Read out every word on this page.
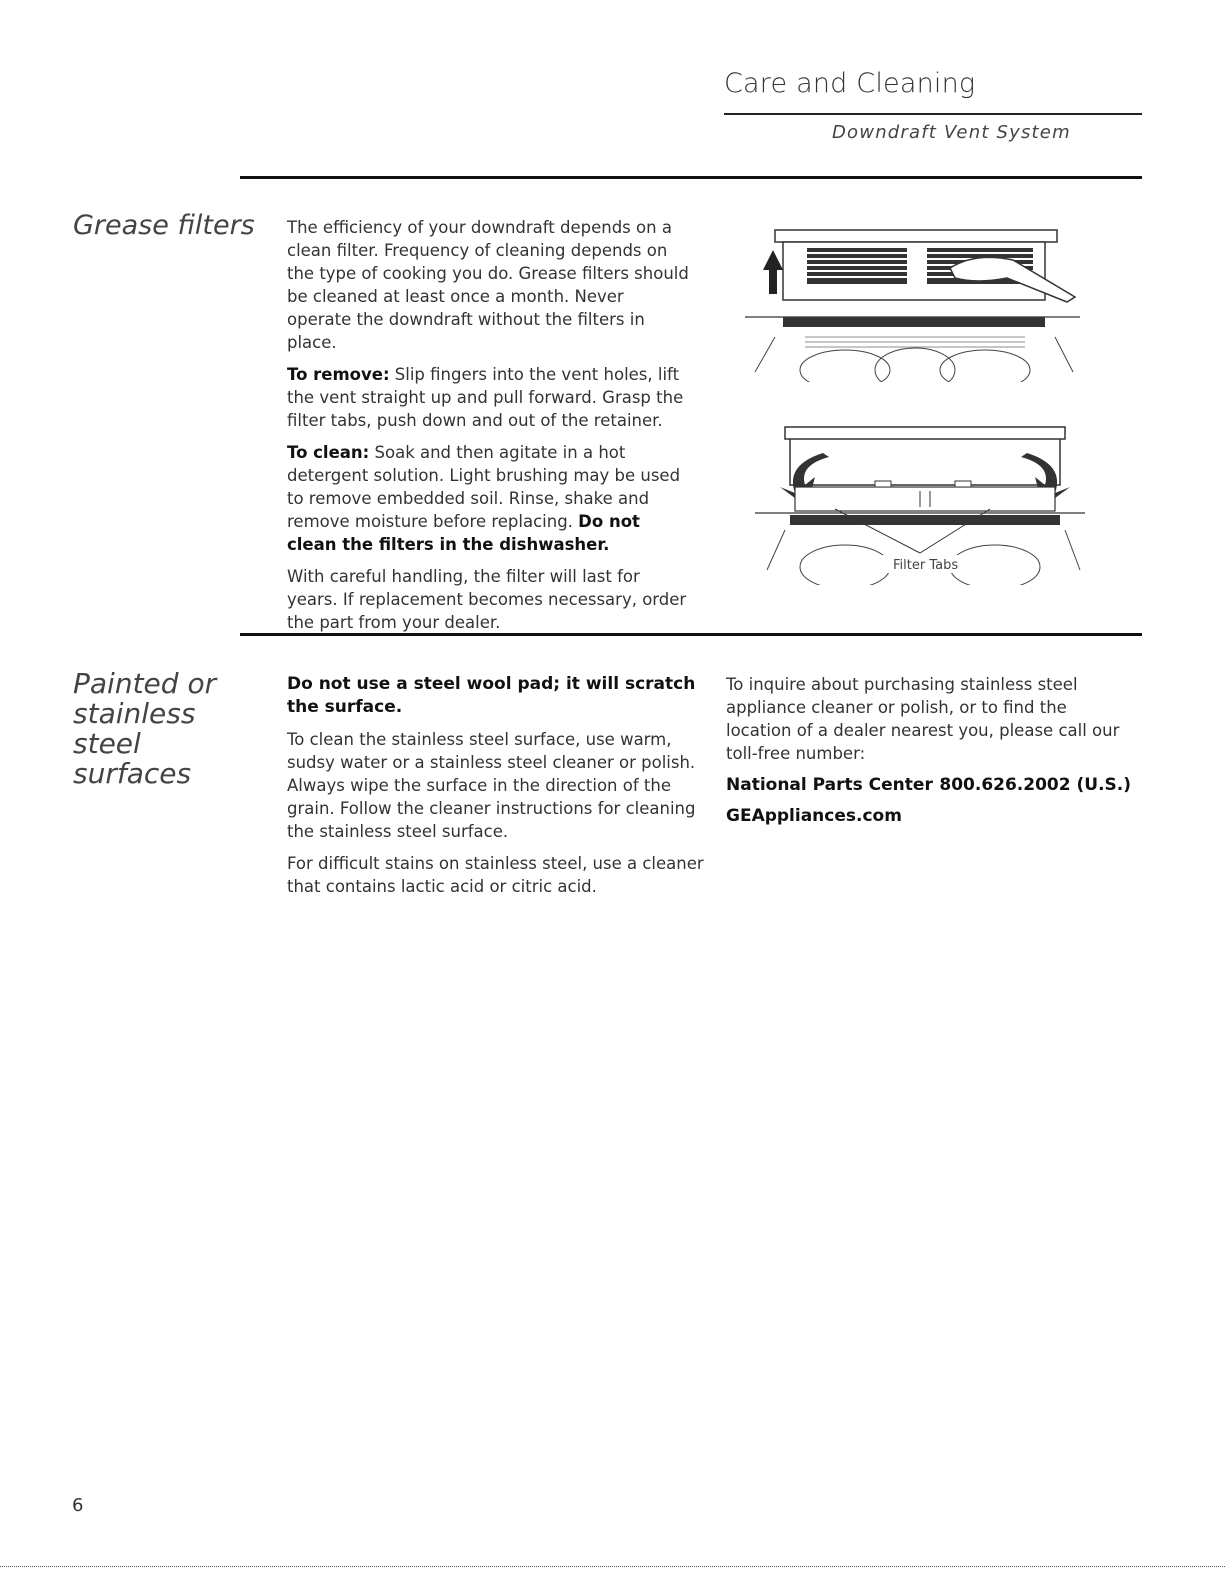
Care and Cleaning
Downdraft Vent System
Grease filters The efficiency of your downdraft depends on a clean filter. Frequency of cleaning depends on the type of cooking you do. Grease filters should be cleaned at least once a month. Never operate the downdraft without the filters in place.

To remove: Slip fingers into the vent holes, lift the vent straight up and pull forward. Grasp the filter tabs, push down and out of the retainer.

To clean: Soak and then agitate in a hot detergent solution. Light brushing may be used to remove embedded soil. Rinse, shake and remove moisture before replacing. Do not clean the filters in the dishwasher.

With careful handling, the filter will last for years. If replacement becomes necessary, order the part from your dealer.

Filter Tabs
Painted or
stainless
steel
surfaces

Do not use a steel wool pad; it will scratch the surface.

To clean the stainless steel surface, use warm, sudsy water or a stainless steel cleaner or polish. Always wipe the surface in the direction of the grain. Follow the cleaner instructions for cleaning the stainless steel surface.

For difficult stains on stainless steel, use a cleaner that contains lactic acid or citric acid.

To inquire about purchasing stainless steel appliance cleaner or polish, or to find the location of a dealer nearest you, please call our toll-free number:

National Parts Center 800.626.2002 (U.S.)
GEAppliances.com
6
